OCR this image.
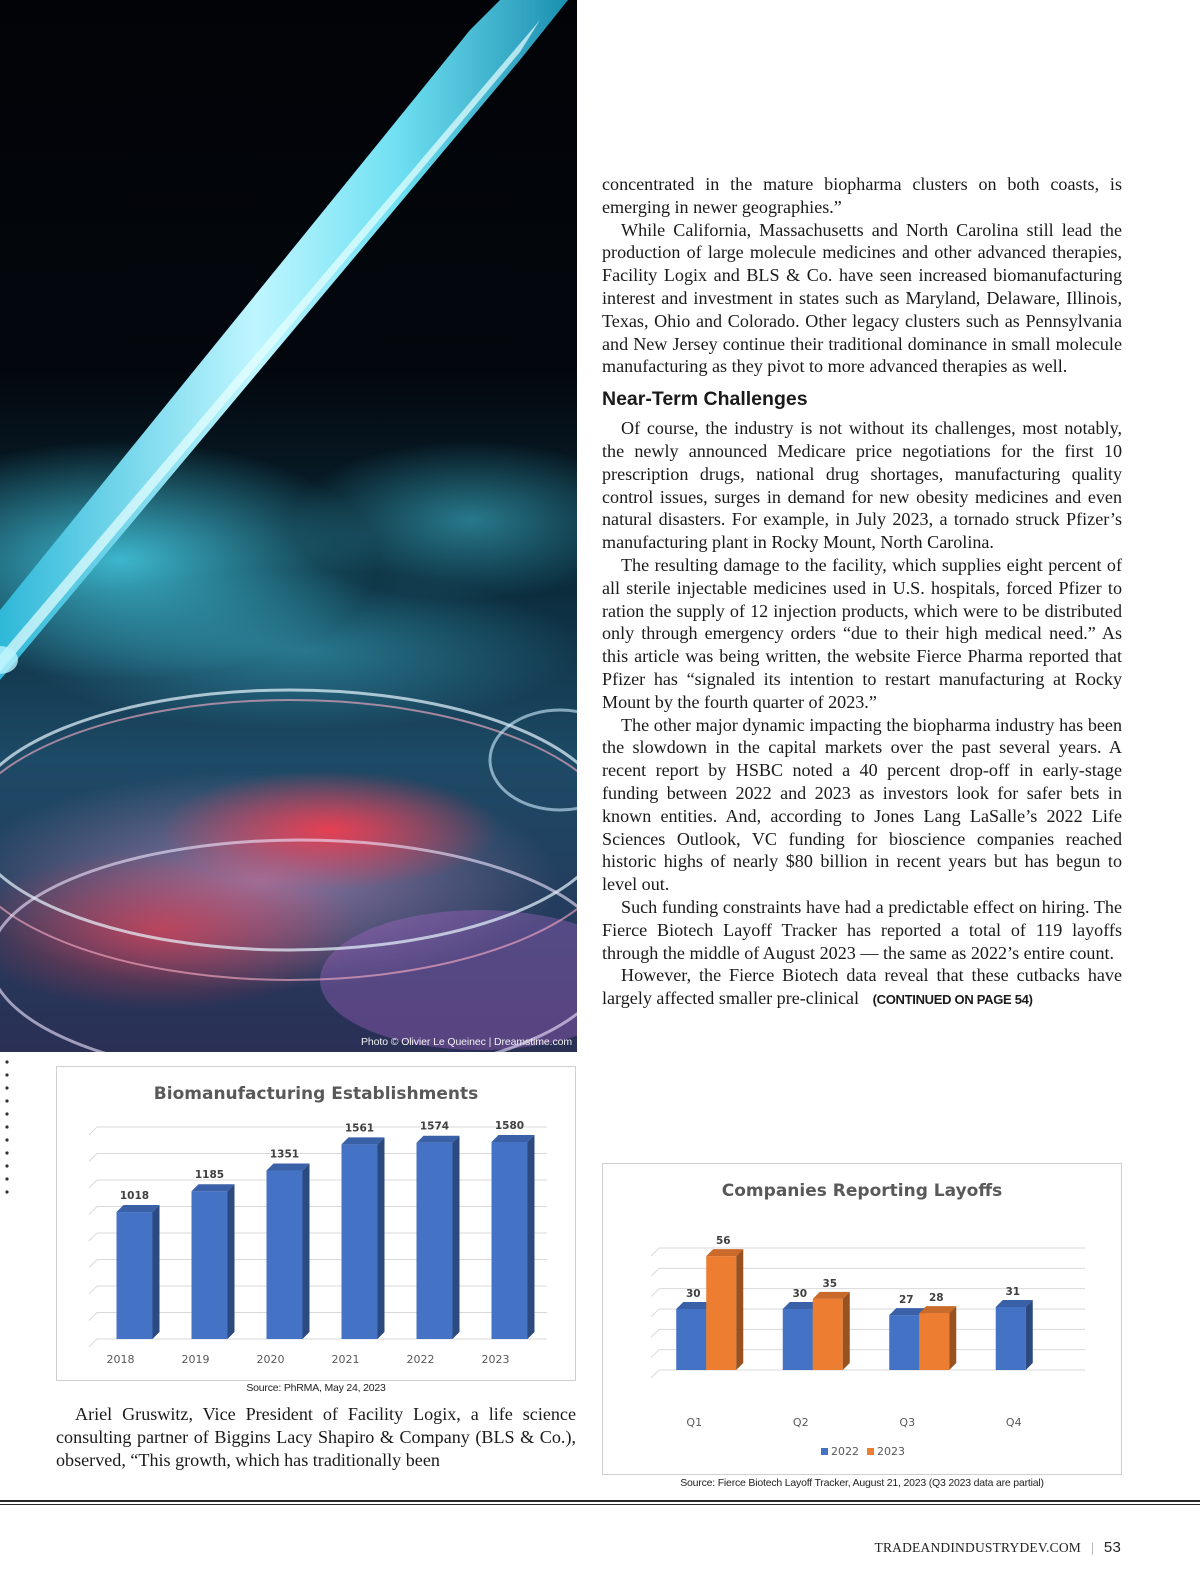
Photo © Olivier Le Queinec | Dreamstime.com

concentrated in the mature biopharma clusters on both coasts, is emerging in newer geographies.”

While California, Massachusetts and North Carolina still lead the production of large molecule medicines and other advanced therapies, Facility Logix and BLS & Co. have seen increased biomanufacturing interest and investment in states such as Maryland, Delaware, Illinois, Texas, Ohio and Colorado. Other legacy clusters such as Pennsylvania and New Jersey continue their traditional dominance in small molecule manufacturing as they pivot to more advanced therapies as well.

Near-Term Challenges

Of course, the industry is not without its challenges, most notably, the newly announced Medicare price negotiations for the first 10 prescription drugs, national drug shortages, manufacturing quality control issues, surges in demand for new obesity medicines and even natural disasters. For example, in July 2023, a tornado struck Pfizer’s manufacturing plant in Rocky Mount, North Carolina.

The resulting damage to the facility, which supplies eight percent of all sterile injectable medicines used in U.S. hospitals, forced Pfizer to ration the supply of 12 injection products, which were to be distributed only through emergency orders “due to their high medical need.” As this article was being written, the website Fierce Pharma reported that Pfizer has “signaled its intention to restart manufacturing at Rocky Mount by the fourth quarter of 2023.”

The other major dynamic impacting the biopharma industry has been the slowdown in the capital markets over the past several years. A recent report by HSBC noted a 40 percent drop-off in early-stage funding between 2022 and 2023 as investors look for safer bets in known entities. And, according to Jones Lang LaSalle’s 2022 Life Sciences Outlook, VC funding for bioscience companies reached historic highs of nearly $80 billion in recent years but has begun to level out.

Such funding constraints have had a predictable effect on hiring. The Fierce Biotech Layoff Tracker has reported a total of 119 layoffs through the middle of August 2023 — the same as 2022’s entire count.

However, the Fierce Biotech data reveal that these cutbacks have largely affected smaller pre-clinical (CONTINUED ON PAGE 54)

Biomanufacturing Establishments
1018
1185
1351
1561	1574	1580
2018	2019	2020	2021	2022	2023
Source: PhRMA, May 24, 2023

Ariel Gruswitz, Vice President of Facility Logix, a life science consulting partner of Biggins Lacy Shapiro & Company (BLS & Co.), observed, “This growth, which has traditionally been

Companies Reporting Layoffs
30
56
30
35
27 28
31
Q1	Q2	Q3	Q4
2022 2023
Source: Fierce Biotech Layoff Tracker, August 21, 2023 (Q3 2023 data are partial)
TRADEANDINDUSTRYDEV.COM | 53
